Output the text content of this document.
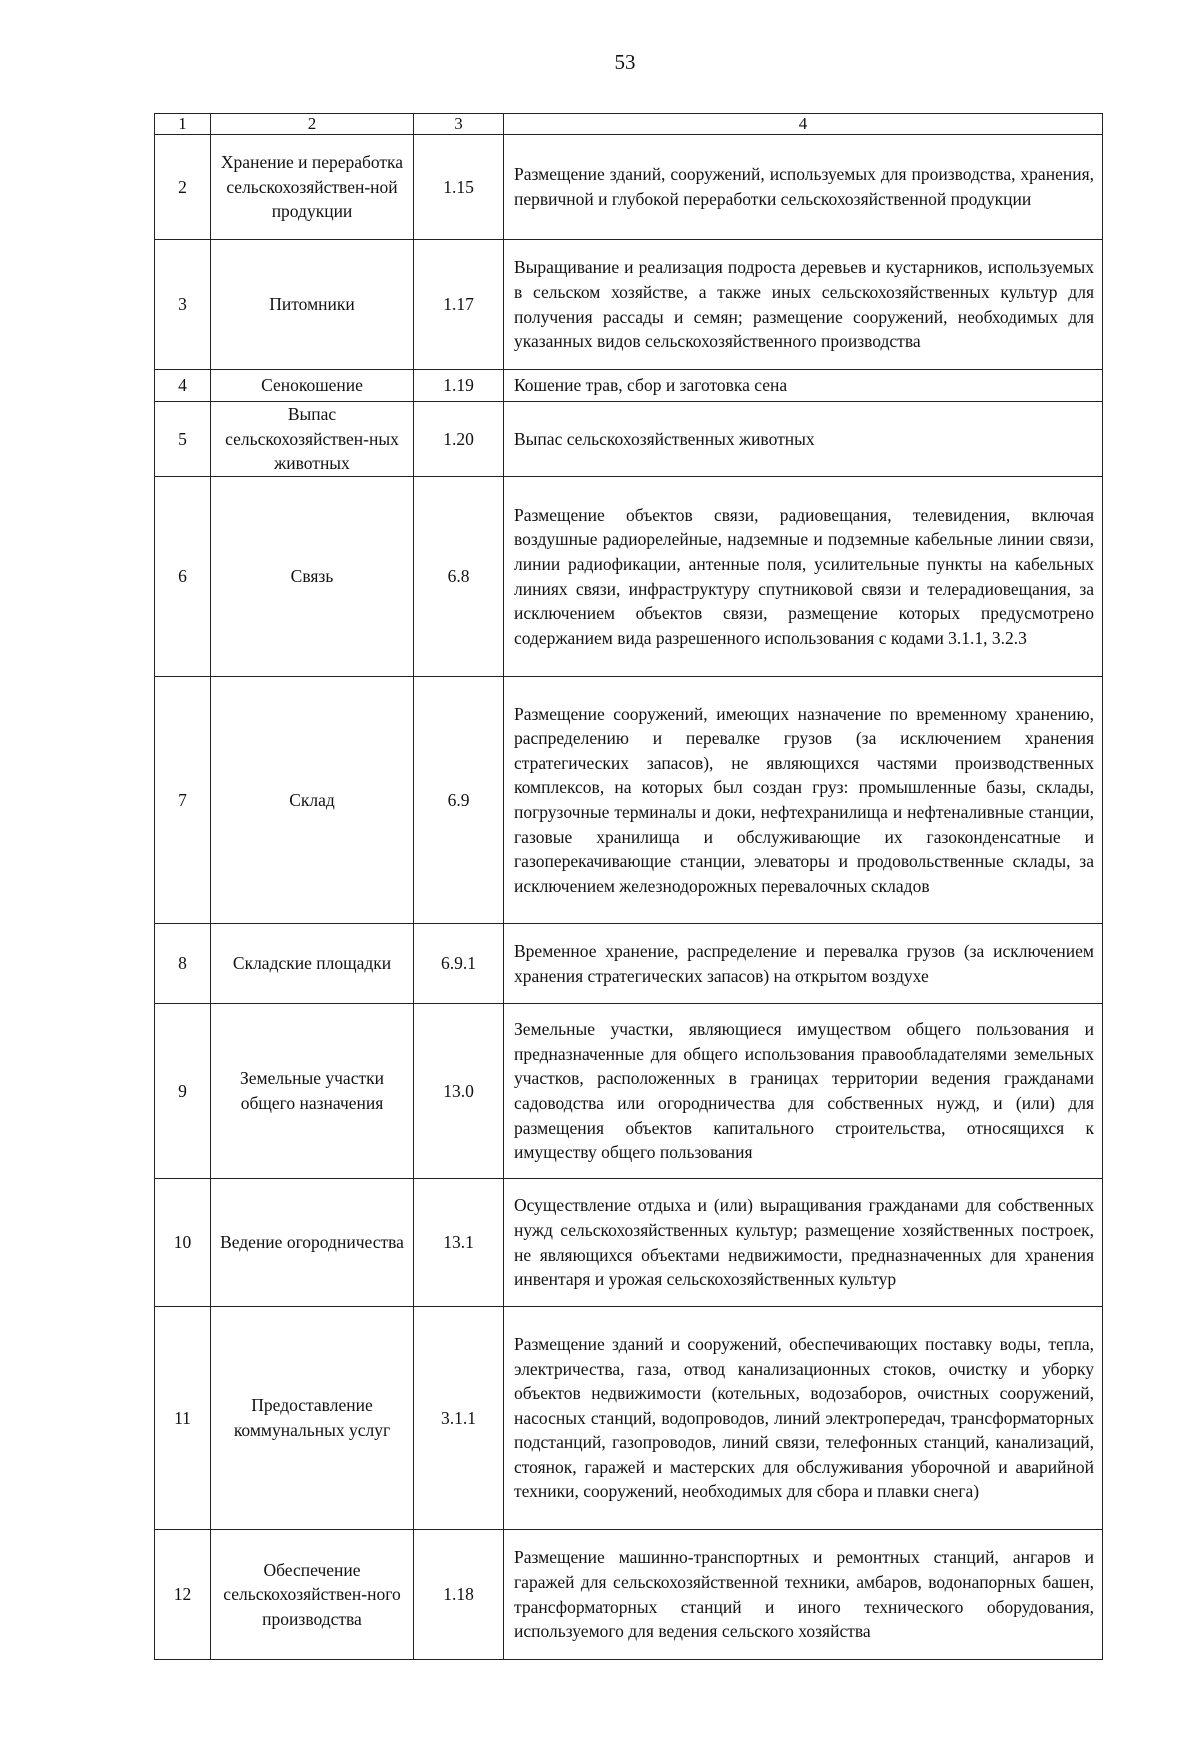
53
1	2	3	4
2	Хранение и переработка сельскохозяйствен-ной продукции	1.15	Размещение зданий, сооружений, используемых для производства, хранения, первичной и глубокой переработки сельскохозяйственной продукции
3	Питомники	1.17	Выращивание и реализация подроста деревьев и кустарников, используемых в сельском хозяйстве, а также иных сельскохозяйственных культур для получения рассады и семян; размещение сооружений, необходимых для указанных видов сельскохозяйственного производства
4	Сенокошение	1.19	Кошение трав, сбор и заготовка сена
5	Выпас сельскохозяйствен-ных животных	1.20	Выпас сельскохозяйственных животных
6	Связь	6.8	Размещение объектов связи, радиовещания, телевидения, включая воздушные радиорелейные, надземные и подземные кабельные линии связи, линии радиофикации, антенные поля, усилительные пункты на кабельных линиях связи, инфраструктуру спутниковой связи и телерадиовещания, за исключением объектов связи, размещение которых предусмотрено содержанием вида разрешенного использования с кодами 3.1.1, 3.2.3
7	Склад	6.9	Размещение сооружений, имеющих назначение по временному хранению, распределению и перевалке грузов (за исключением хранения стратегических запасов), не являющихся частями производственных комплексов, на которых был создан груз: промышленные базы, склады, погрузочные терминалы и доки, нефтехранилища и нефтеналивные станции, газовые хранилища и обслуживающие их газоконденсатные и газоперекачивающие станции, элеваторы и продовольственные склады, за исключением железнодорожных перевалочных складов
8	Складские площадки	6.9.1	Временное хранение, распределение и перевалка грузов (за исключением хранения стратегических запасов) на открытом воздухе
9	Земельные участки общего назначения	13.0	Земельные участки, являющиеся имуществом общего пользования и предназначенные для общего использования правообладателями земельных участков, расположенных в границах территории ведения гражданами садоводства или огородничества для собственных нужд, и (или) для размещения объектов капитального строительства, относящихся к имуществу общего пользования
10	Ведение огородничества	13.1	Осуществление отдыха и (или) выращивания гражданами для собственных нужд сельскохозяйственных культур; размещение хозяйственных построек, не являющихся объектами недвижимости, предназначенных для хранения инвентаря и урожая сельскохозяйственных культур
11	Предоставление коммунальных услуг	3.1.1	Размещение зданий и сооружений, обеспечивающих поставку воды, тепла, электричества, газа, отвод канализационных стоков, очистку и уборку объектов недвижимости (котельных, водозаборов, очистных сооружений, насосных станций, водопроводов, линий электропередач, трансформаторных подстанций, газопроводов, линий связи, телефонных станций, канализаций, стоянок, гаражей и мастерских для обслуживания уборочной и аварийной техники, сооружений, необходимых для сбора и плавки снега)
12	Обеспечение сельскохозяйствен-ного производства	1.18	Размещение машинно-транспортных и ремонтных станций, ангаров и гаражей для сельскохозяйственной техники, амбаров, водонапорных башен, трансформаторных станций и иного технического оборудования, используемого для ведения сельского хозяйства
